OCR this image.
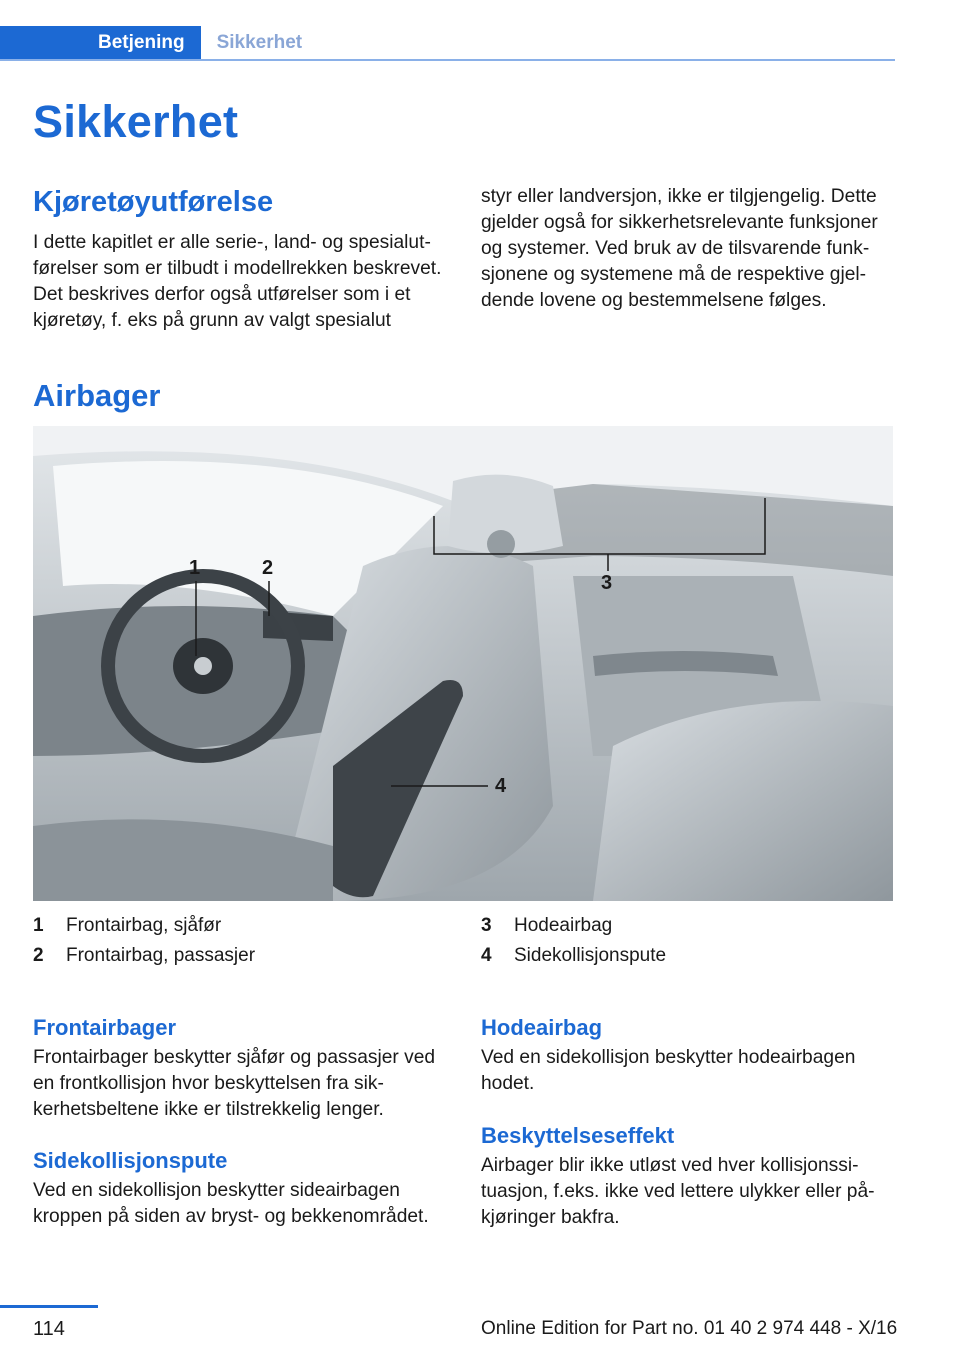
Betjening	Sikkerhet
Sikkerhet
Kjøretøyutførelse
I dette kapitlet er alle serie-, land- og spesialutførelser som er tilbudt i modellrekken beskrevet. Det beskrives derfor også utførelser som i et kjøretøy, f. eks på grunn av valgt spesialut
styr eller landversjon, ikke er tilgjengelig. Dette gjelder også for sikkerhetsrelevante funksjoner og systemer. Ved bruk av de tilsvarende funksjonene og systemene må de respektive gjeldende lovene og bestemmelsene følges.
Airbager
1	2
3
4
1	Frontairbag, sjåfør
2	Frontairbag, passasjer
3	Hodeairbag
4	Sidekollisjonspute
Frontairbager

Frontairbager beskytter sjåfør og passasjer ved en frontkollisjon hvor beskyttelsen fra sikkerhetsbeltene ikke er tilstrekkelig lenger.

Sidekollisjonspute

Ved en sidekollisjon beskytter sideairbagen kroppen på siden av bryst- og bekkenområdet.

Hodeairbag

Ved en sidekollisjon beskytter hodeairbagen hodet.

Beskyttelseseffekt

Airbager blir ikke utløst ved hver kollisjonssituasjon, f.eks. ikke ved lettere ulykker eller påkjøringer bakfra.

114	Online Edition for Part no. 01 40 2 974 448 - X/16
